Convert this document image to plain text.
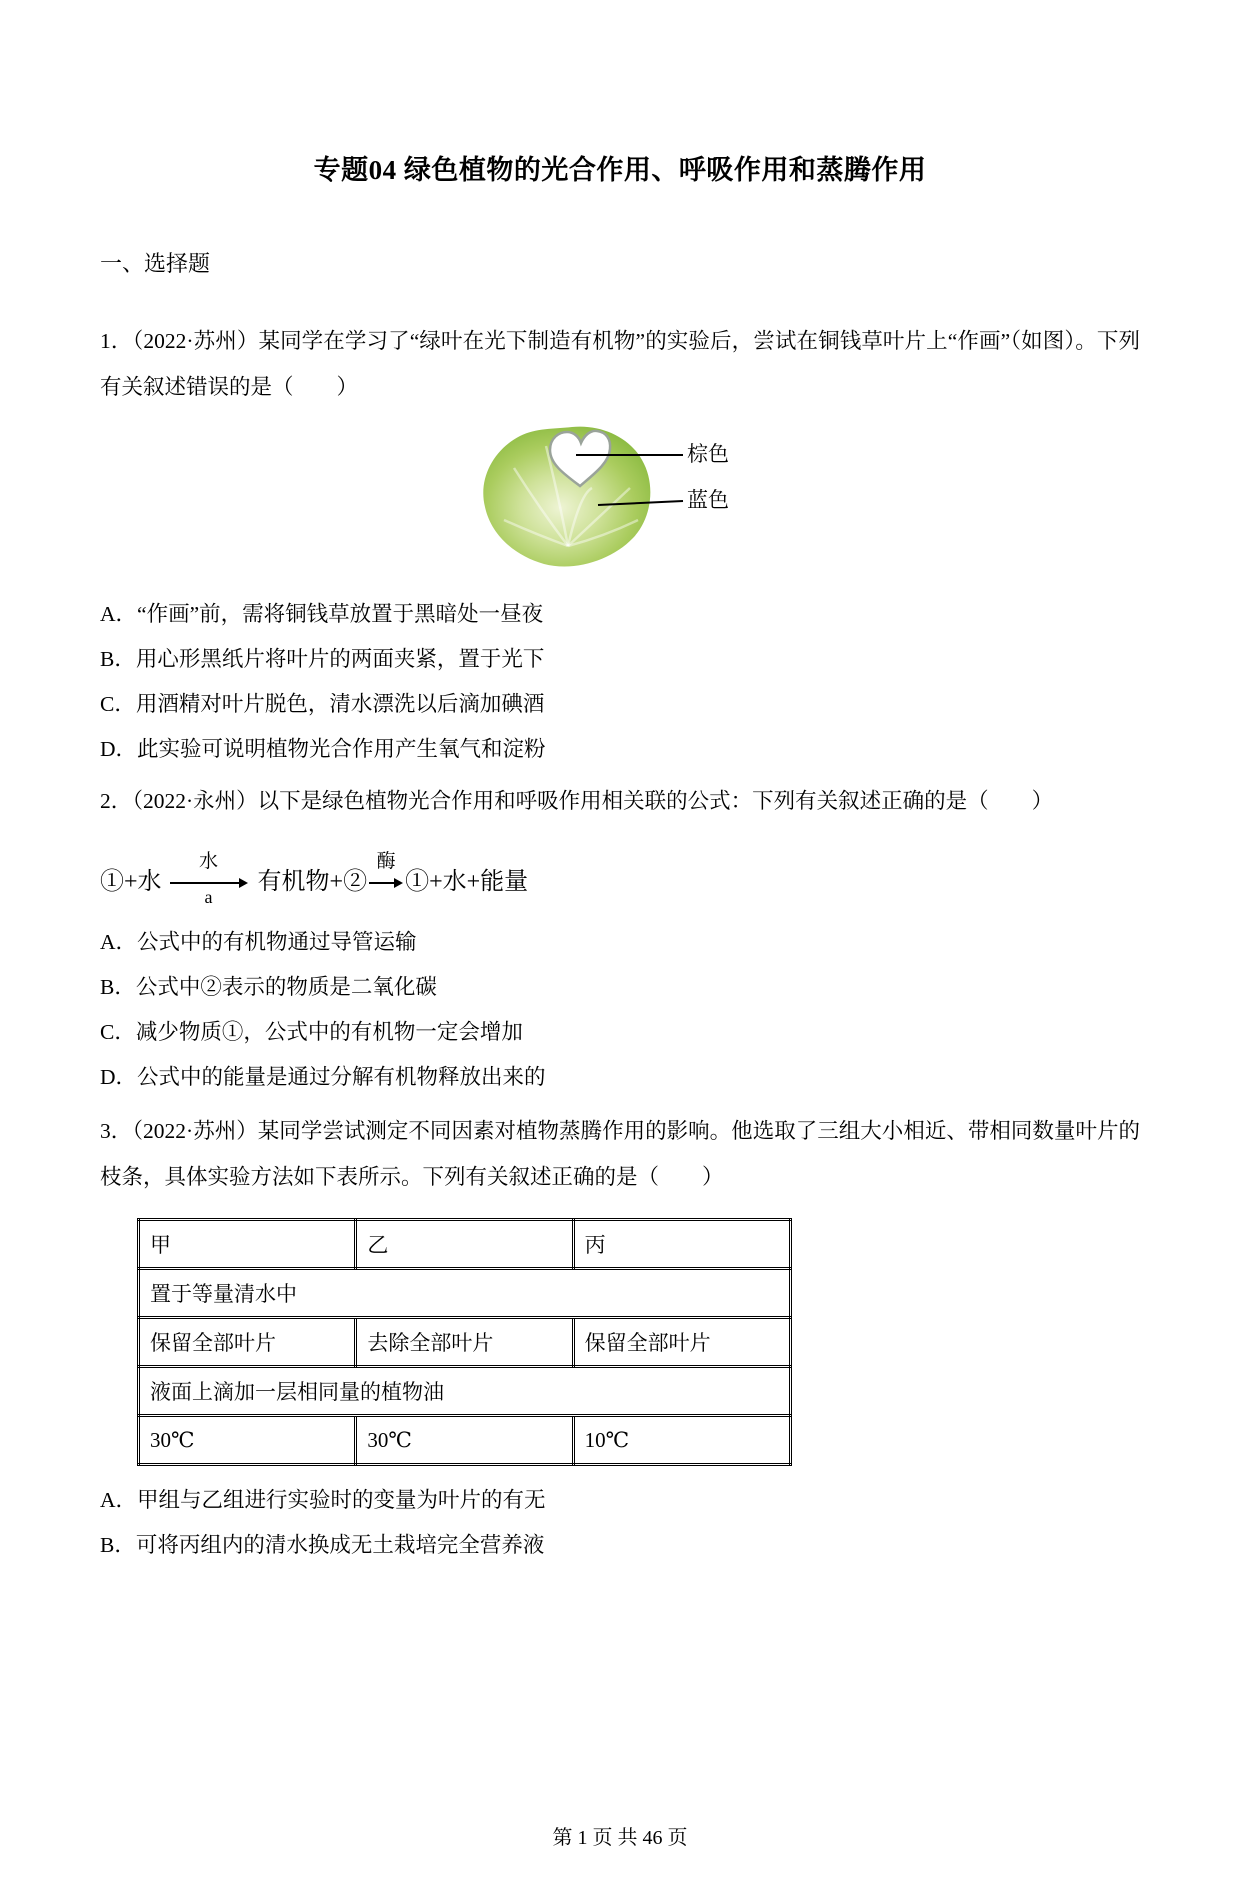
专题04 绿色植物的光合作用、呼吸作用和蒸腾作用
一、选择题
1．（2022·苏州）某同学在学习了“绿叶在光下制造有机物”的实验后，尝试在铜钱草叶片上“作画”（如图）。下列有关叙述错误的是（　　）
棕色
蓝色
A．“作画”前，需将铜钱草放置于黑暗处一昼夜
B．用心形黑纸片将叶片的两面夹紧，置于光下
C．用酒精对叶片脱色，清水漂洗以后滴加碘酒
D．此实验可说明植物光合作用产生氧气和淀粉
2．（2022·永州）以下是绿色植物光合作用和呼吸作用相关联的公式：下列有关叙述正确的是（　　）
①+水
水
a
有机物+②
酶
①+水+能量
A．公式中的有机物通过导管运输
B．公式中②表示的物质是二氧化碳
C．减少物质①，公式中的有机物一定会增加
D．公式中的能量是通过分解有机物释放出来的
3．（2022·苏州）某同学尝试测定不同因素对植物蒸腾作用的影响。他选取了三组大小相近、带相同数量叶片的枝条，具体实验方法如下表所示。下列有关叙述正确的是（　　）
甲	乙	丙
置于等量清水中		
保留全部叶片	去除全部叶片	保留全部叶片
液面上滴加一层相同量的植物油		
30℃	30℃	10℃
A．甲组与乙组进行实验时的变量为叶片的有无
B．可将丙组内的清水换成无土栽培完全营养液
第 1 页 共 46 页
